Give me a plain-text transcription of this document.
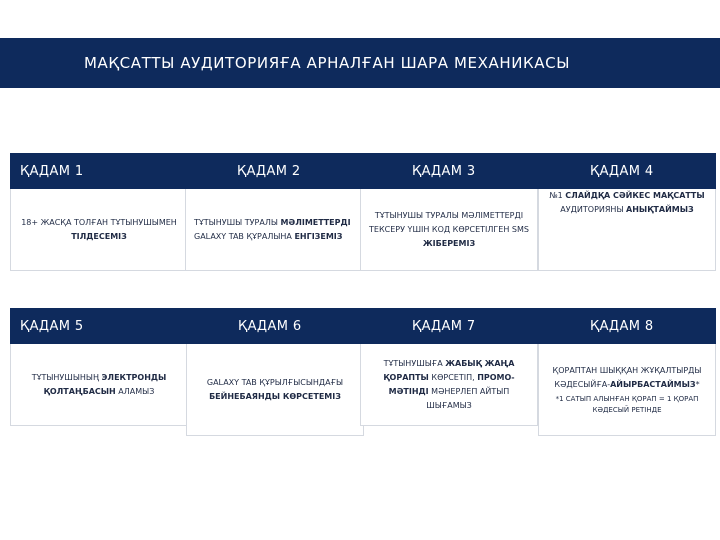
МАҚСАТТЫ АУДИТОРИЯҒА АРНАЛҒАН ШАРА МЕХАНИКАСЫ
ҚАДАМ 1
18+ ЖАСҚА ТОЛҒАН ТҰТЫНУШЫМЕН ТІЛДЕСЕМІЗ
ҚАДАМ 2
ТҰТЫНУШЫ ТУРАЛЫ МӘЛІМЕТТЕРДІ GALAXY TAB ҚҰРАЛЫНА ЕНГІЗЕМІЗ
ҚАДАМ 3
ТҰТЫНУШЫ ТУРАЛЫ МӘЛІМЕТТЕРДІ ТЕКСЕРУ ҮШІН КОД КӨРСЕТІЛГЕН SMS ЖІБЕРЕМІЗ
ҚАДАМ 4
№1 СЛАЙДҚА СӘЙКЕС МАҚСАТТЫ АУДИТОРИЯНЫ АНЫҚТАЙМЫЗ
ҚАДАМ 5
ТҰТЫНУШЫНЫҢ ЭЛЕКТРОНДЫ ҚОЛТАҢБАСЫН АЛАМЫЗ
ҚАДАМ 6
GALAXY TAB ҚҰРЫЛҒЫСЫНДАҒЫ БЕЙНЕБАЯНДЫ КӨРСЕТЕМІЗ
ҚАДАМ 7
ТҰТЫНУШЫҒА ЖАБЫҚ ЖАҢА ҚОРАПТЫ КӨРСЕТІП, ПРОМО-МӘТІНДІ МӘНЕРЛЕП АЙТЫП ШЫҒАМЫЗ
ҚАДАМ 8
ҚОРАПТАН ШЫҚҚАН ЖҰҚАЛТЫРДЫ КӘДЕСЫЙҒА-АЙЫРБАСТАЙМЫЗ*
*1 САТЫП АЛЫНҒАН ҚОРАП = 1 ҚОРАП КӘДЕСЫЙ РЕТІНДЕ
